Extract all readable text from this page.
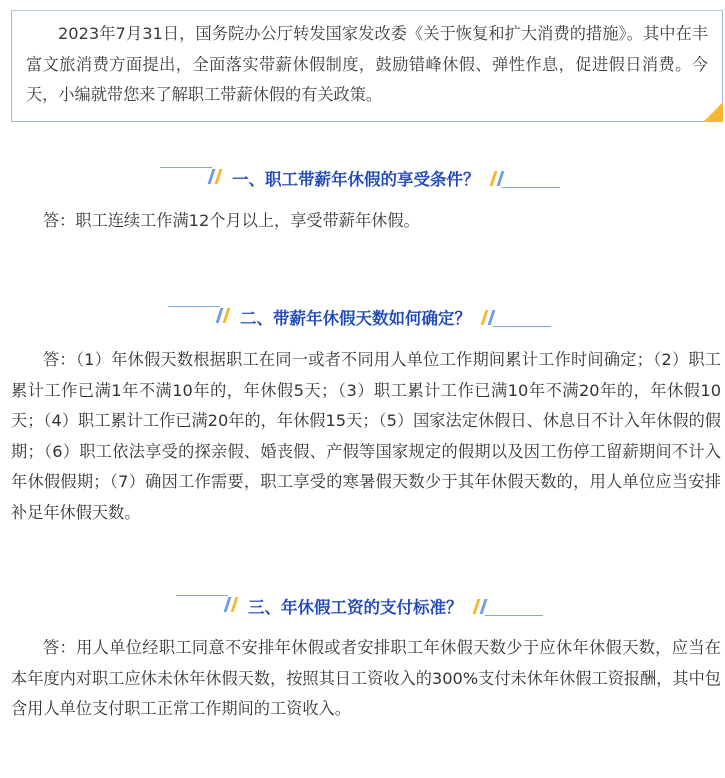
2023年7月31日，国务院办公厅转发国家发改委《关于恢复和扩大消费的措施》。其中在丰富文旅消费方面提出，全面落实带薪休假制度，鼓励错峰休假、弹性作息，促进假日消费。今天，小编就带您来了解职工带薪休假的有关政策。

一、职工带薪年休假的享受条件？

答：职工连续工作满12个月以上，享受带薪年休假。

二、带薪年休假天数如何确定？

答：（1）年休假天数根据职工在同一或者不同用人单位工作期间累计工作时间确定；（2）职工累计工作已满1年不满10年的，年休假5天；（3）职工累计工作已满10年不满20年的，年休假10天；（4）职工累计工作已满20年的，年休假15天；（5）国家法定休假日、休息日不计入年休假的假期；（6）职工依法享受的探亲假、婚丧假、产假等国家规定的假期以及因工伤停工留薪期间不计入年休假假期；（7）确因工作需要，职工享受的寒暑假天数少于其年休假天数的，用人单位应当安排补足年休假天数。

三、年休假工资的支付标准？

答：用人单位经职工同意不安排年休假或者安排职工年休假天数少于应休年休假天数，应当在本年度内对职工应休未休年休假天数，按照其日工资收入的300%支付未休年休假工资报酬，其中包含用人单位支付职工正常工作期间的工资收入。
